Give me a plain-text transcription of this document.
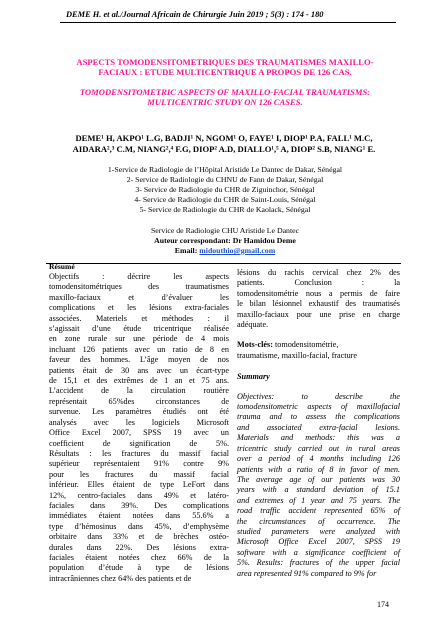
DEME H. et al./Journal Africain de Chirurgie Juin 2019 ; 5(3) : 174 - 180
ASPECTS TOMODENSITOMETRIQUES DES TRAUMATISMES MAXILLO-
FACIAUX : ETUDE MULTICENTRIQUE A PROPOS DE 126 CAS.
TOMODENSITOMETRIC ASPECTS OF MAXILLO-FACIAL TRAUMATISMS:
MULTICENTRIC STUDY ON 126 CASES.
DEME¹ H, AKPO¹ L.G, BADJI¹ N, NGOM¹ O, FAYE¹ I, DIOP¹ P.A, FALL¹ M.C,
AIDARA²,³ C.M, NIANG²,⁴ F.G, DIOP² A.D, DIALLO¹,⁵ A, DIOP² S.B, NIANG¹ E.
1-Service de Radiologie de l’Hôpital Aristide Le Dantec de Dakar, Sénégal
2- Service de Radiologie du CHNU de Fann de Dakar, Sénégal
3- Service de Radiologie du CHR de Ziguinchor, Sénégal
4- Service de Radiologie du CHR de Saint-Louis, Sénégal
5- Service de Radiologie du CHR de Kaolack, Sénégal
Service de Radiologie CHU Aristide Le Dantec
Auteur correspondant: Dr Hamidou Deme
Email: midouthio@gmail.com
Résumé
Objectifs : décrire les aspects
tomodensitométriques des traumatismes
maxillo-faciaux et d’évaluer les
complications et les lésions extra-faciales
associées. Materiels et méthodes : il
s’agissait d’une étude tricentrique réalisée
en zone rurale sur une période de 4 mois
incluant 126 patients avec un ratio de 8 en
faveur des hommes. L’âge moyen de nos
patients était de 30 ans avec un écart-type
de 15,1 et des extrêmes de 1 an et 75 ans.
L’accident de la circulation routière
représentait 65%des circonstances de
survenue. Les paramètres étudiés ont été
analysés avec les logiciels Microsoft
Office Excel 2007, SPSS 19 avec un
coefficient de signification de 5%.
Résultats : les fractures du massif facial
supérieur représentaient 91% contre 9%
pour les fractures du massif facial
inférieur. Elles étaient de type LeFort dans
12%, centro-faciales dans 49% et latéro-
faciales dans 39%. Des complications
immédiates étaient notées dans 55.6% a
type d’hémosinus dans 45%, d’emphysème
orbitaire dans 33% et de brèches ostéo-
durales dans 22%. Des lésions extra-
faciales étaient notées chez 66% de la
population d’étude à type de lésions
intracrâniennes chez 64% des patients et de
lésions du rachis cervical chez 2% des
patients. Conclusion : la
tomodensitométrie nous a permis de faire
le bilan lésionnel exhaustif des traumatisés
maxillo-faciaux pour une prise en charge
adéquate.
Mots-clés: tomodensitométrie,
traumatisme, maxillo-facial, fracture
Summary
Objectives: to describe the
tomodensitometric aspects of maxillofacial
trauma and to assess the complications
and associated extra-facial lesions.
Materials and methods: this was a
tricentric study carried out in rural areas
over a period of 4 months including 126
patients with a ratio of 8 in favor of men.
The average age of our patients was 30
years with a standard deviation of 15.1
and extremes of 1 year and 75 years. The
road traffic accident represented 65% of
the circumstances of occurrence. The
studied parameters were analyzed with
Microsoft Office Excel 2007, SPSS 19
software with a significance coefficient of
5%. Results: fractures of the upper facial
area represented 91% compared to 9% for
174
